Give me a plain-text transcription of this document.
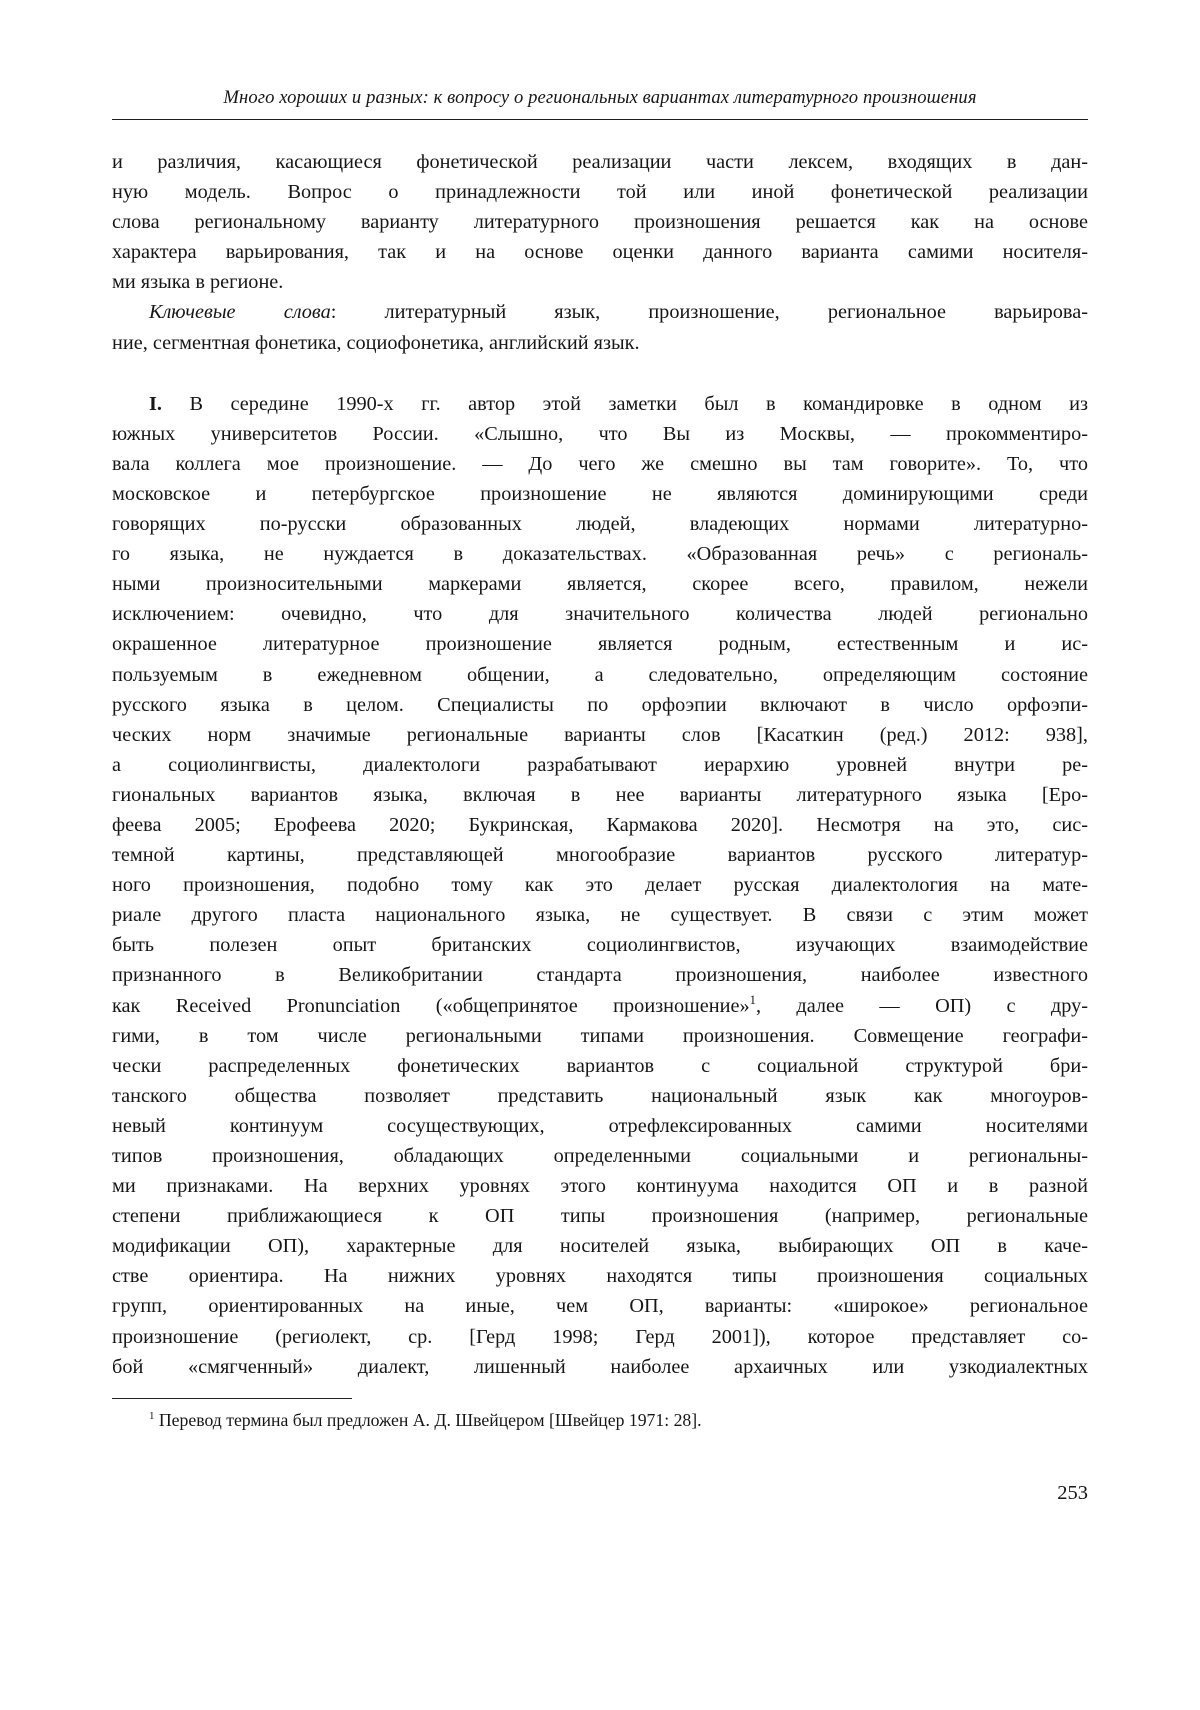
Много хороших и разных: к вопросу о региональных вариантах литературного произношения
и различия, касающиеся фонетической реализации части лексем, входящих в дан-
ную модель. Вопрос о принадлежности той или иной фонетической реализации
слова региональному варианту литературного произношения решается как на основе
характера варьирования, так и на основе оценки данного варианта самими носителя-
ми языка в регионе.
Ключевые слова: литературный язык, произношение, региональное варьирова-
ние, сегментная фонетика, социофонетика, английский язык.
I. В середине 1990-х гг. автор этой заметки был в командировке в одном из
южных университетов России. «Слышно, что Вы из Москвы, — прокомментиро-
вала коллега мое произношение. — До чего же смешно вы там говорите». То, что
московское и петербургское произношение не являются доминирующими среди
говорящих по-русски образованных людей, владеющих нормами литературно-
го языка, не нуждается в доказательствах. «Образованная речь» с региональ-
ными произносительными маркерами является, скорее всего, правилом, нежели
исключением: очевидно, что для значительного количества людей регионально
окрашенное литературное произношение является родным, естественным и ис-
пользуемым в ежедневном общении, а следовательно, определяющим состояние
русского языка в целом. Специалисты по орфоэпии включают в число орфоэпи-
ческих норм значимые региональные варианты слов [Касаткин (ред.) 2012: 938],
а социолингвисты, диалектологи разрабатывают иерархию уровней внутри ре-
гиональных вариантов языка, включая в нее варианты литературного языка [Еро-
феева 2005; Ерофеева 2020; Букринская, Кармакова 2020]. Несмотря на это, сис-
темной картины, представляющей многообразие вариантов русского литератур-
ного произношения, подобно тому как это делает русская диалектология на мате-
риале другого пласта национального языка, не существует. В связи с этим может
быть полезен опыт британских социолингвистов, изучающих взаимодействие
признанного в Великобритании стандарта произношения, наиболее известного
как Received Pronunciation («общепринятое произношение»$^1$, далее — ОП) с дру-
гими, в том числе региональными типами произношения. Совмещение географи-
чески распределенных фонетических вариантов с социальной структурой бри-
танского общества позволяет представить национальный язык как многоуров-
невый континуум сосуществующих, отрефлексированных самими носителями
типов произношения, обладающих определенными социальными и региональны-
ми признаками. На верхних уровнях этого континуума находится ОП и в разной
степени приближающиеся к ОП типы произношения (например, региональные
модификации ОП), характерные для носителей языка, выбирающих ОП в каче-
стве ориентира. На нижних уровнях находятся типы произношения социальных
групп, ориентированных на иные, чем ОП, варианты: «широкое» региональное
произношение (региолект, ср. [Герд 1998; Герд 2001]), которое представляет со-
бой «смягченный» диалект, лишенный наиболее архаичных или узкодиалектных
$^1$ Перевод термина был предложен А. Д. Швейцером [Швейцер 1971: 28].
253
